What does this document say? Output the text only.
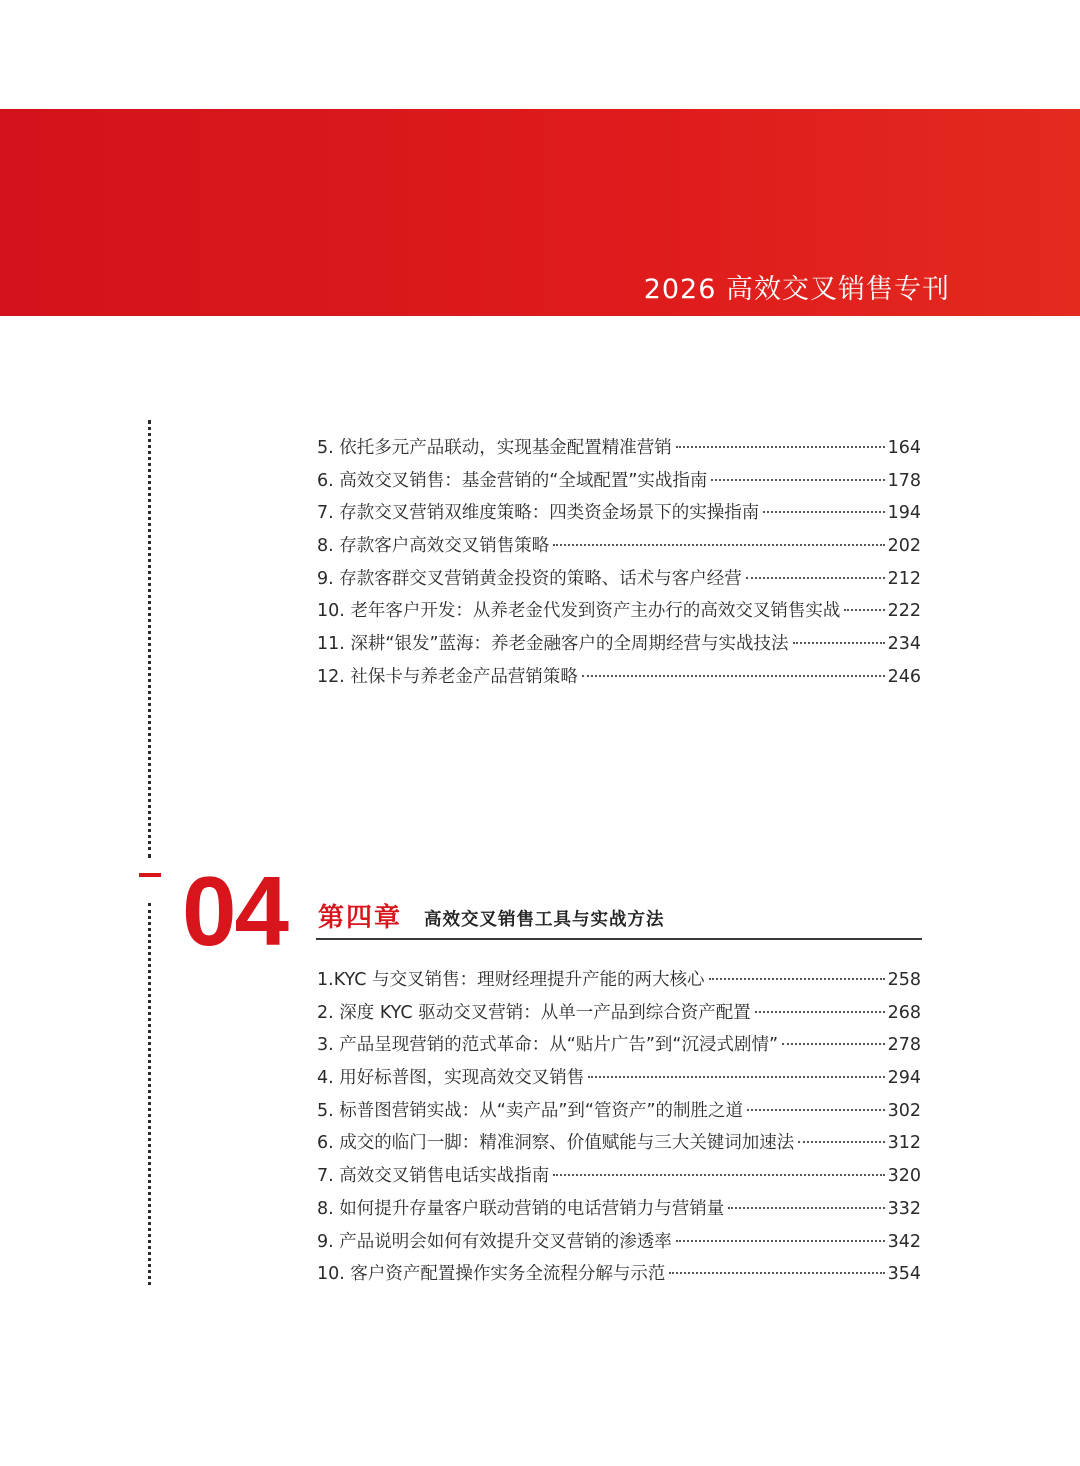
2026 高效交叉销售专刊
5. 依托多元产品联动，实现基金配置精准营销	164
6. 高效交叉销售：基金营销的“全域配置”实战指南	178
7. 存款交叉营销双维度策略：四类资金场景下的实操指南	194
8. 存款客户高效交叉销售策略	202
9. 存款客群交叉营销黄金投资的策略、话术与客户经营	212
10. 老年客户开发：从养老金代发到资产主办行的高效交叉销售实战	222
11. 深耕“银发”蓝海：养老金融客户的全周期经营与实战技法	234
12. 社保卡与养老金产品营销策略	246
04 第四章 高效交叉销售工具与实战方法
1.KYC 与交叉销售：理财经理提升产能的两大核心	258
2. 深度 KYC 驱动交叉营销：从单一产品到综合资产配置	268
3. 产品呈现营销的范式革命：从“贴片广告”到“沉浸式剧情”	278
4. 用好标普图，实现高效交叉销售	294
5. 标普图营销实战：从“卖产品”到“管资产”的制胜之道	302
6. 成交的临门一脚：精准洞察、价值赋能与三大关键词加速法	312
7. 高效交叉销售电话实战指南	320
8. 如何提升存量客户联动营销的电话营销力与营销量	332
9. 产品说明会如何有效提升交叉营销的渗透率	342
10. 客户资产配置操作实务全流程分解与示范	354
